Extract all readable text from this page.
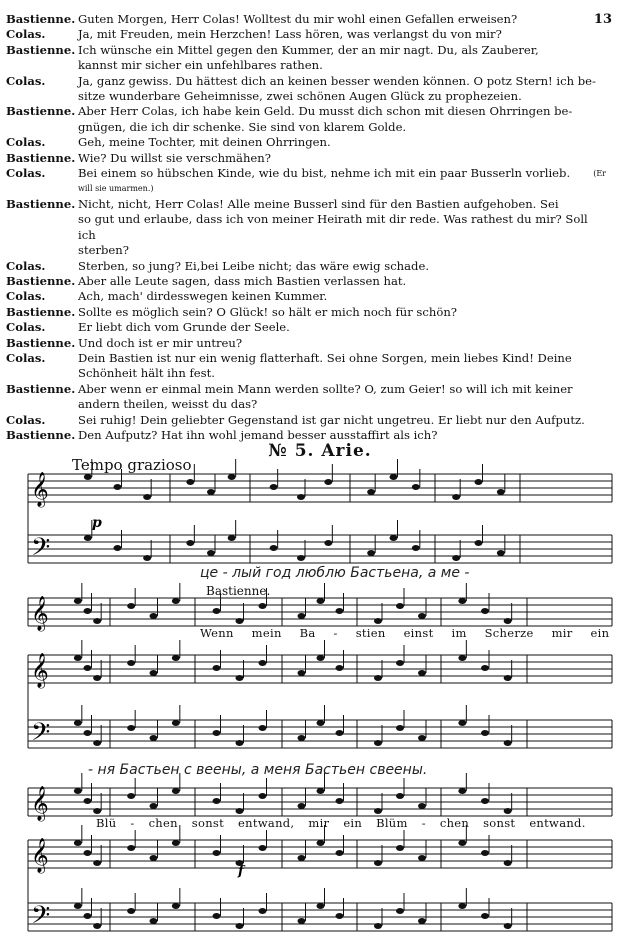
13
Bastienne. Guten Morgen, Herr Colas! Wolltest du mir wohl einen Gefallen erweisen?
Colas.	Ja, mit Freuden, mein Herzchen! Lass hören, was verlangst du von mir?
Bastienne. Ich wünsche ein Mittel gegen den Kummer, der an mir nagt. Du, als Zauberer,
kannst mir sicher ein unfehlbares rathen.
Colas.	Ja, ganz gewiss. Du hättest dich an keinen besser wenden können. O potz Stern! ich be-
sitze wunderbare Geheimnisse, zwei schönen Augen Glück zu prophezeien.
Bastienne. Aber Herr Colas, ich habe kein Geld. Du musst dich schon mit diesen Ohrringen be-
gnügen, die ich dir schenke. Sie sind von klarem Golde.
Colas.	Geh, meine Tochter, mit deinen Ohrringen.
Bastienne. Wie? Du willst sie verschmähen?
Colas.	Bei einem so hübschen Kinde, wie du bist, nehme ich mit ein paar Busserln vorlieb.	(Er
will sie umarmen.)
Bastienne. Nicht, nicht, Herr Colas! Alle meine Busserl sind für den Bastien aufgehoben. Sei
so gut und erlaube, dass ich von meiner Heirath mit dir rede. Was rathest du mir? Soll ich
sterben?
Colas.	Sterben, so jung? Ei,bei Leibe nicht; das wäre ewig schade.
Bastienne. Aber alle Leute sagen, dass mich Bastien verlassen hat.
Colas.	Ach, mach' dirdesswegen keinen Kummer.
Bastienne. Sollte es möglich sein? O Glück! so hält er mich noch für schön?
Colas.	Er liebt dich vom Grunde der Seele.
Bastienne. Und doch ist er mir untreu?
Colas.	Dein Bastien ist nur ein wenig flatterhaft. Sei ohne Sorgen, mein liebes Kind! Deine
Schönheit hält ihn fest.
Bastienne. Aber wenn er einmal mein Mann werden sollte? O, zum Geier! so will ich mit keiner
andern theilen, weisst du das?
Colas.	Sei ruhig! Dein geliebter Gegenstand ist gar nicht ungetreu. Er liebt nur den Aufputz.
Bastienne. Den Aufputz? Hat ihn wohl jemand besser ausstaffirt als ich?
№ 5. Arie.
Tempo grazioso
Bastienne.
це - лый год люблю Бастьена, а ме -
- ня Бастьен с веены, а меня Бастьен свеены.
Wenn mein Ba - stien einst im Scherze mir ein
Blü - chen sonst entwand, mir ein Blüm - chen sonst entwand.
𝄞
𝄢
𝄞
𝄞
𝄢
𝄞
𝄞
𝄢
p
f
